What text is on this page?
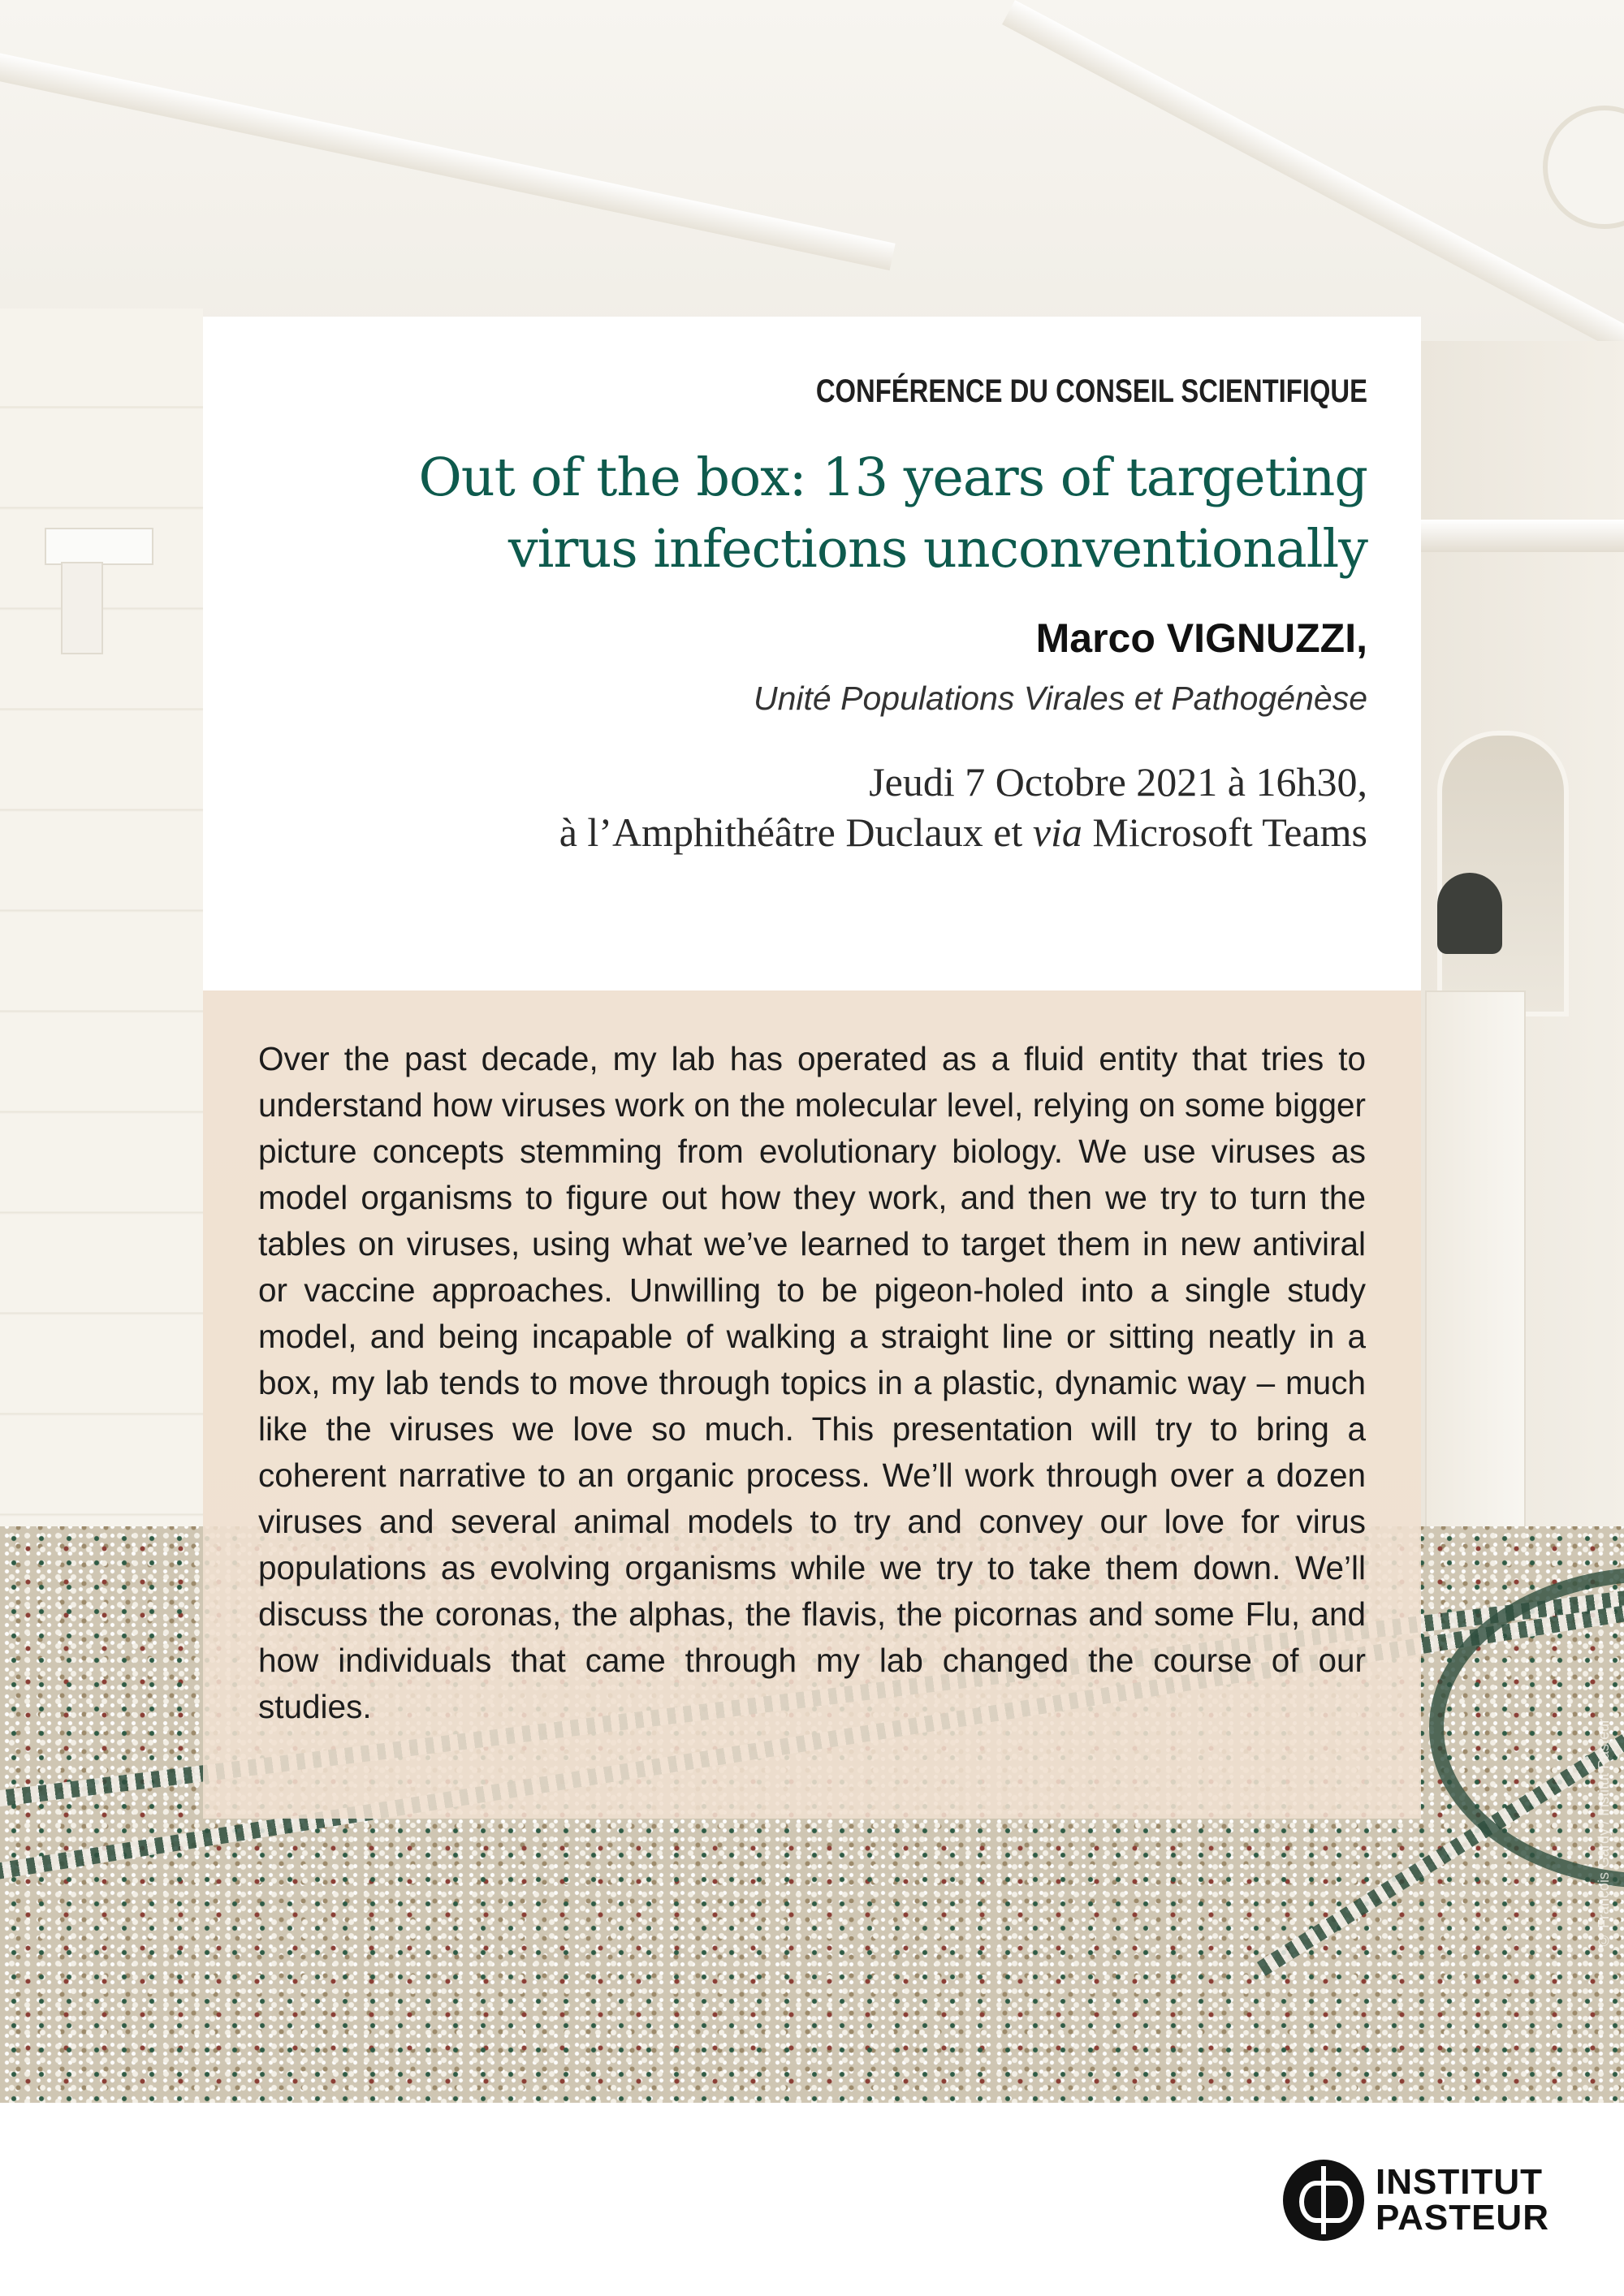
© François Gardy / Institut Pasteur

CONFÉRENCE DU CONSEIL SCIENTIFIQUE

Out of the box: 13 years of targeting
virus infections unconventionally

Marco VIGNUZZI,

Unité Populations Virales et Pathogénèse

Jeudi 7 Octobre 2021 à 16h30,

à l’Amphithéâtre Duclaux et via Microsoft Teams

Over the past decade, my lab has operated as a fluid entity that tries to understand how viruses work on the molecular level, relying on some bigger picture concepts stemming from evolutionary biology. We use viruses as model organisms to figure out how they work, and then we try to turn the tables on viruses, using what we’ve learned to target them in new antiviral or vaccine approaches. Unwilling to be pigeon-holed into a single study model, and being incapable of walking a straight line or sitting neatly in a box, my lab tends to move through topics in a plastic, dynamic way – much like the viruses we love so much. This presentation will try to bring a coherent narrative to an organic process. We’ll work through over a dozen viruses and several animal models to try and convey our love for virus populations as evolving organisms while we try to take them down. We’ll discuss the coronas, the alphas, the flavis, the picornas and some Flu, and how individuals that came through my lab changed the course of our studies.

INSTITUT
PASTEUR
